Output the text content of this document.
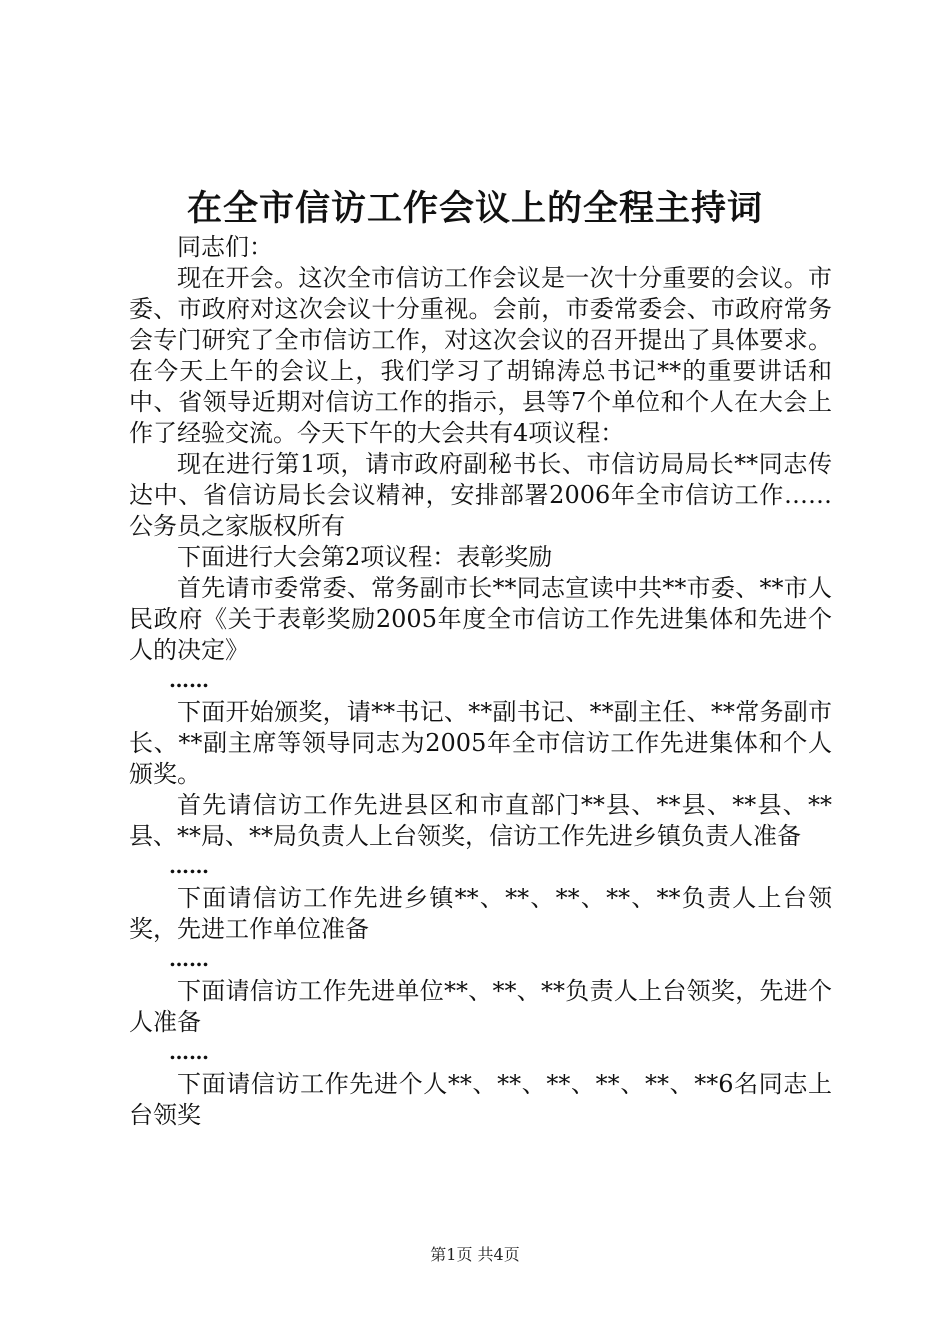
在全市信访工作会议上的全程主持词

同志们：

现在开会。这次全市信访工作会议是一次十分重要的会议。市委、市政府对这次会议十分重视。会前，市委常委会、市政府常务会专门研究了全市信访工作，对这次会议的召开提出了具体要求。在今天上午的会议上，我们学习了胡锦涛总书记**的重要讲话和中、省领导近期对信访工作的指示，县等7个单位和个人在大会上作了经验交流。今天下午的大会共有4项议程：

现在进行第1项，请市政府副秘书长、市信访局局长**同志传达中、省信访局长会议精神，安排部署2006年全市信访工作……公务员之家版权所有

下面进行大会第2项议程：表彰奖励

首先请市委常委、常务副市长**同志宣读中共**市委、**市人民政府《关于表彰奖励2005年度全市信访工作先进集体和先进个人的决定》

……

下面开始颁奖，请**书记、**副书记、**副主任、**常务副市长、**副主席等领导同志为2005年全市信访工作先进集体和个人颁奖。

首先请信访工作先进县区和市直部门**县、**县、**县、**县、**局、**局负责人上台领奖，信访工作先进乡镇负责人准备

……

下面请信访工作先进乡镇**、**、**、**、**负责人上台领奖，先进工作单位准备

……

下面请信访工作先进单位**、**、**负责人上台领奖，先进个人准备

……

下面请信访工作先进个人**、**、**、**、**、**6名同志上台领奖

第1页 共4页
